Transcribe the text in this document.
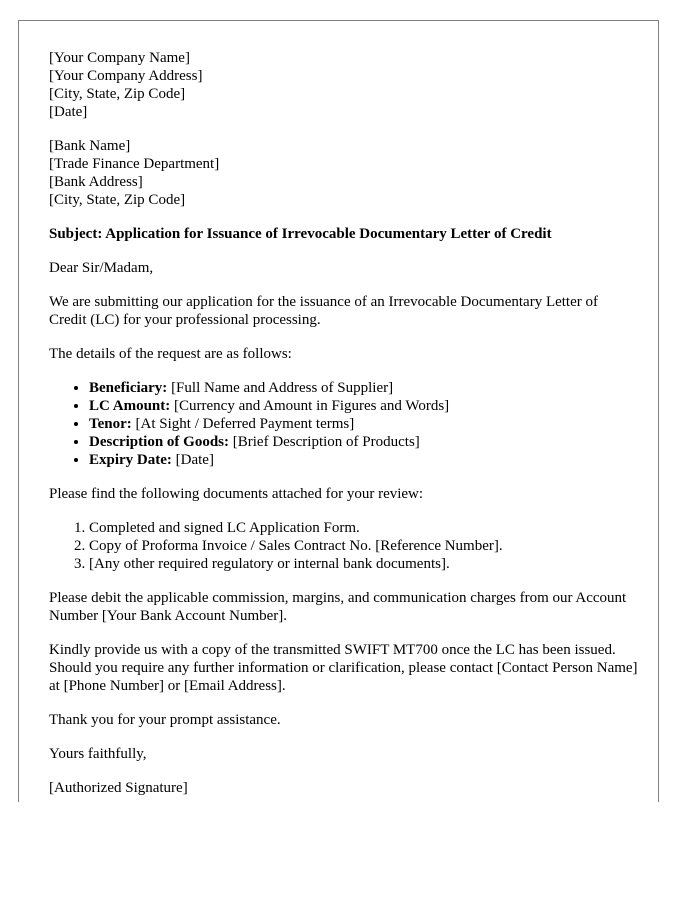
[Your Company Name]
[Your Company Address]
[City, State, Zip Code]
[Date]
[Bank Name]
[Trade Finance Department]
[Bank Address]
[City, State, Zip Code]

Subject: Application for Issuance of Irrevocable Documentary Letter of Credit

Dear Sir/Madam,

We are submitting our application for the issuance of an Irrevocable Documentary Letter of Credit (LC) for your professional processing.

The details of the request are as follows:

• Beneficiary: [Full Name and Address of Supplier]
• LC Amount: [Currency and Amount in Figures and Words]
• Tenor: [At Sight / Deferred Payment terms]
• Description of Goods: [Brief Description of Products]
• Expiry Date: [Date]

Please find the following documents attached for your review:

1. Completed and signed LC Application Form.
2. Copy of Proforma Invoice / Sales Contract No. [Reference Number].
3. [Any other required regulatory or internal bank documents].

Please debit the applicable commission, margins, and communication charges from our Account Number [Your Bank Account Number].

Kindly provide us with a copy of the transmitted SWIFT MT700 once the LC has been issued. Should you require any further information or clarification, please contact [Contact Person Name] at [Phone Number] or [Email Address].

Thank you for your prompt assistance.

Yours faithfully,

[Authorized Signature]
